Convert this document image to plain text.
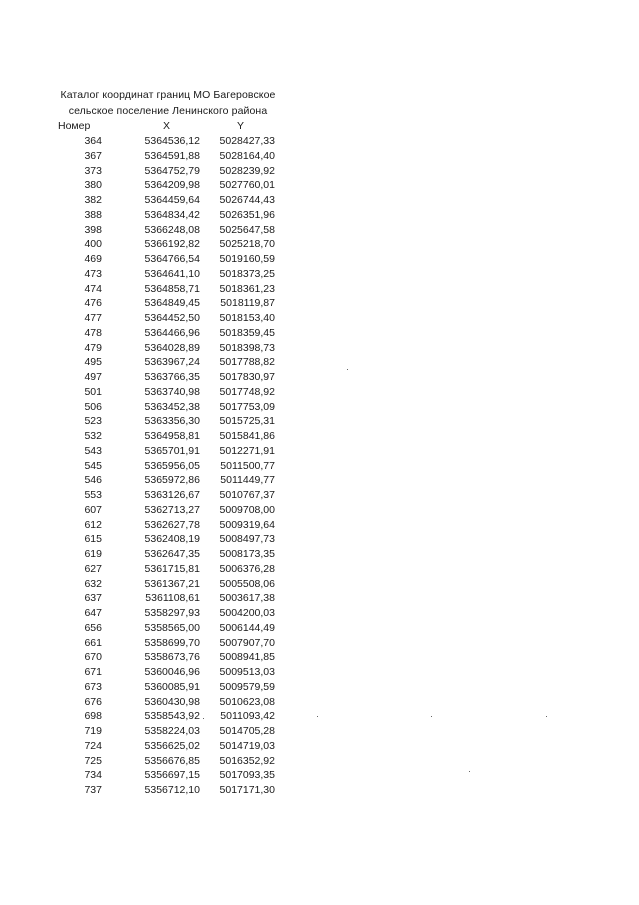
Каталог координат границ МО Багеровское
сельское поселение Ленинского района
Номер	X	Y
364	5364536,12	5028427,33
367	5364591,88	5028164,40
373	5364752,79	5028239,92
380	5364209,98	5027760,01
382	5364459,64	5026744,43
388	5364834,42	5026351,96
398	5366248,08	5025647,58
400	5366192,82	5025218,70
469	5364766,54	5019160,59
473	5364641,10	5018373,25
474	5364858,71	5018361,23
476	5364849,45	5018119,87
477	5364452,50	5018153,40
478	5364466,96	5018359,45
479	5364028,89	5018398,73
495	5363967,24	5017788,82
497	5363766,35	5017830,97
501	5363740,98	5017748,92
506	5363452,38	5017753,09
523	5363356,30	5015725,31
532	5364958,81	5015841,86
543	5365701,91	5012271,91
545	5365956,05	5011500,77
546	5365972,86	5011449,77
553	5363126,67	5010767,37
607	5362713,27	5009708,00
612	5362627,78	5009319,64
615	5362408,19	5008497,73
619	5362647,35	5008173,35
627	5361715,81	5006376,28
632	5361367,21	5005508,06
637	5361108,61	5003617,38
647	5358297,93	5004200,03
656	5358565,00	5006144,49
661	5358699,70	5007907,70
670	5358673,76	5008941,85
671	5360046,96	5009513,03
673	5360085,91	5009579,59
676	5360430,98	5010623,08
698	5358543,92	5011093,42
719	5358224,03	5014705,28
724	5356625,02	5014719,03
725	5356676,85	5016352,92
734	5356697,15	5017093,35
737	5356712,10	5017171,30
